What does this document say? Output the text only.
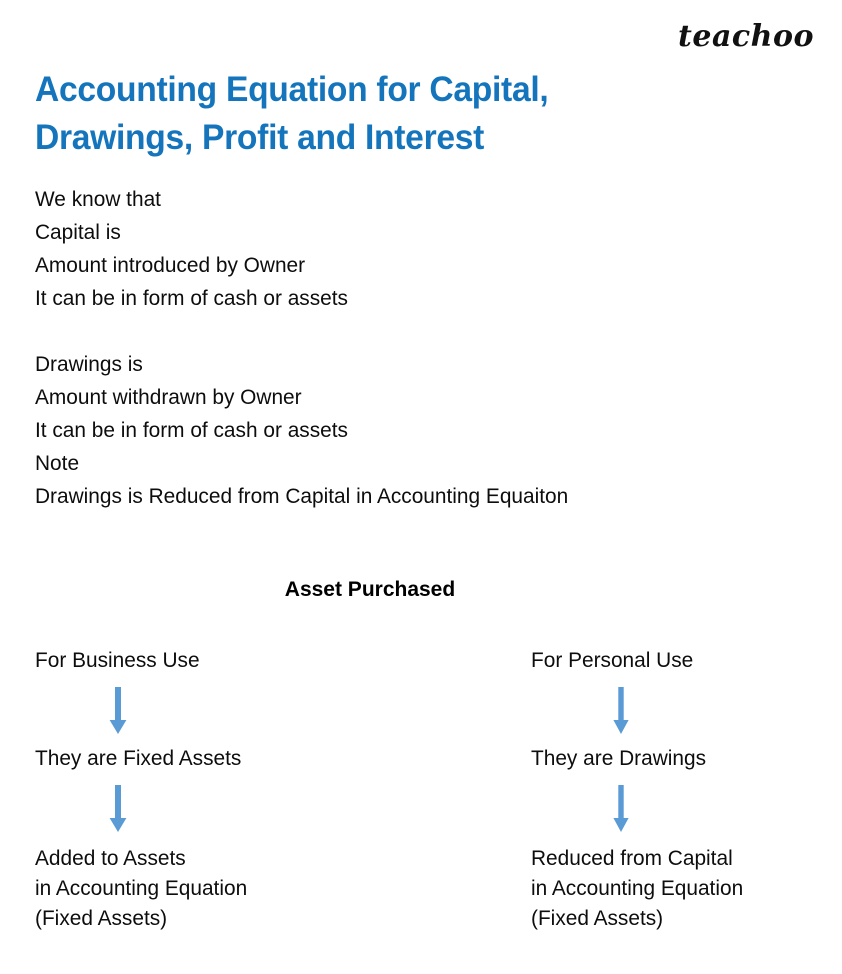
teachoo
Accounting Equation for Capital,
Drawings, Profit and Interest
We know that
Capital is
Amount introduced by Owner
It can be in form of cash or assets
Drawings is
Amount withdrawn by Owner
It can be in form of cash or assets
Note
Drawings is Reduced from Capital in Accounting Equaiton
Asset Purchased
For Business Use
They are Fixed Assets
Added to Assets
in Accounting Equation
(Fixed Assets)
For Personal Use
They are Drawings
Reduced from Capital
in Accounting Equation
(Fixed Assets)
